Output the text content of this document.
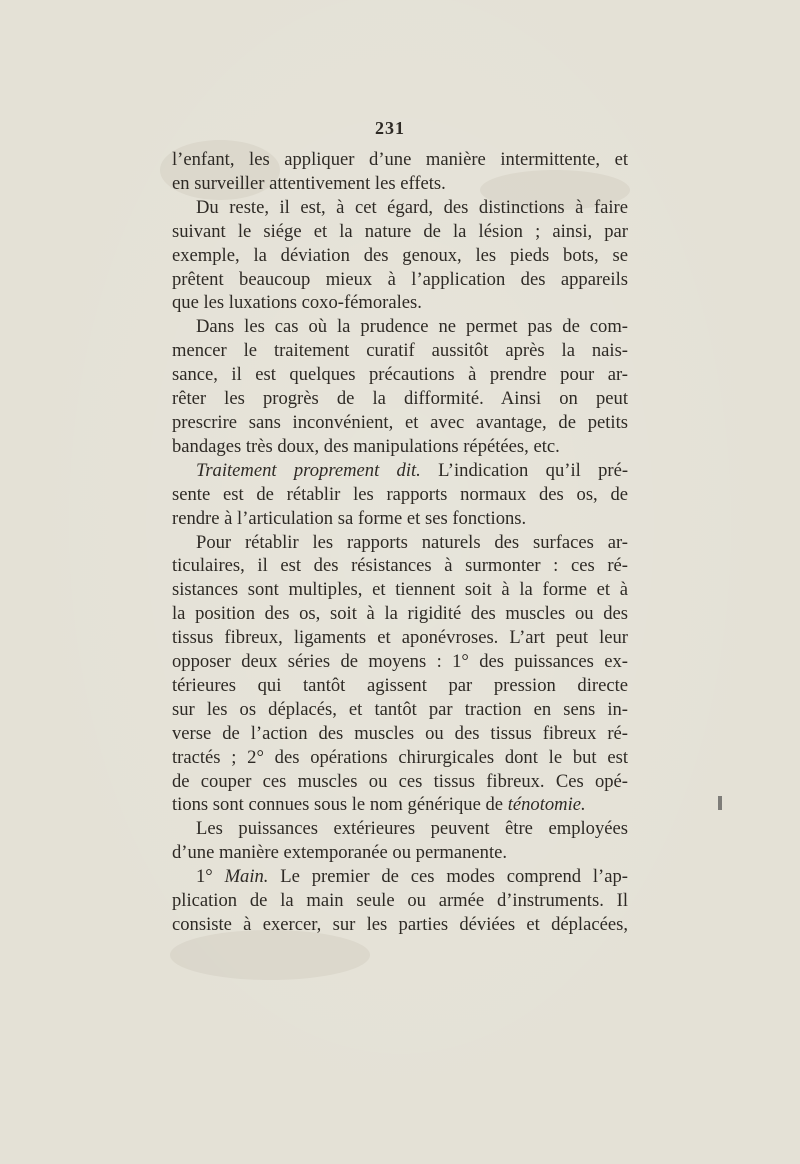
231
l’enfant, les appliquer d’une manière intermittente, et
en surveiller attentivement les effets.
Du reste, il est, à cet égard, des distinctions à faire
suivant le siége et la nature de la lésion ; ainsi, par
exemple, la déviation des genoux, les pieds bots, se
prêtent beaucoup mieux à l’application des appareils
que les luxations coxo-fémorales.
Dans les cas où la prudence ne permet pas de com-
mencer le traitement curatif aussitôt après la nais-
sance, il est quelques précautions à prendre pour ar-
rêter les progrès de la difformité. Ainsi on peut
prescrire sans inconvénient, et avec avantage, de petits
bandages très doux, des manipulations répétées, etc.
Traitement proprement dit. L’indication qu’il pré-
sente est de rétablir les rapports normaux des os, de
rendre à l’articulation sa forme et ses fonctions.
Pour rétablir les rapports naturels des surfaces ar-
ticulaires, il est des résistances à surmonter : ces ré-
sistances sont multiples, et tiennent soit à la forme et à
la position des os, soit à la rigidité des muscles ou des
tissus fibreux, ligaments et aponévroses. L’art peut leur
opposer deux séries de moyens : 1° des puissances ex-
térieures qui tantôt agissent par pression directe
sur les os déplacés, et tantôt par traction en sens in-
verse de l’action des muscles ou des tissus fibreux ré-
tractés ; 2° des opérations chirurgicales dont le but est
de couper ces muscles ou ces tissus fibreux. Ces opé-
tions sont connues sous le nom générique de ténotomie.
Les puissances extérieures peuvent être employées
d’une manière extemporanée ou permanente.
1° Main. Le premier de ces modes comprend l’ap-
plication de la main seule ou armée d’instruments. Il
consiste à exercer, sur les parties déviées et déplacées,
